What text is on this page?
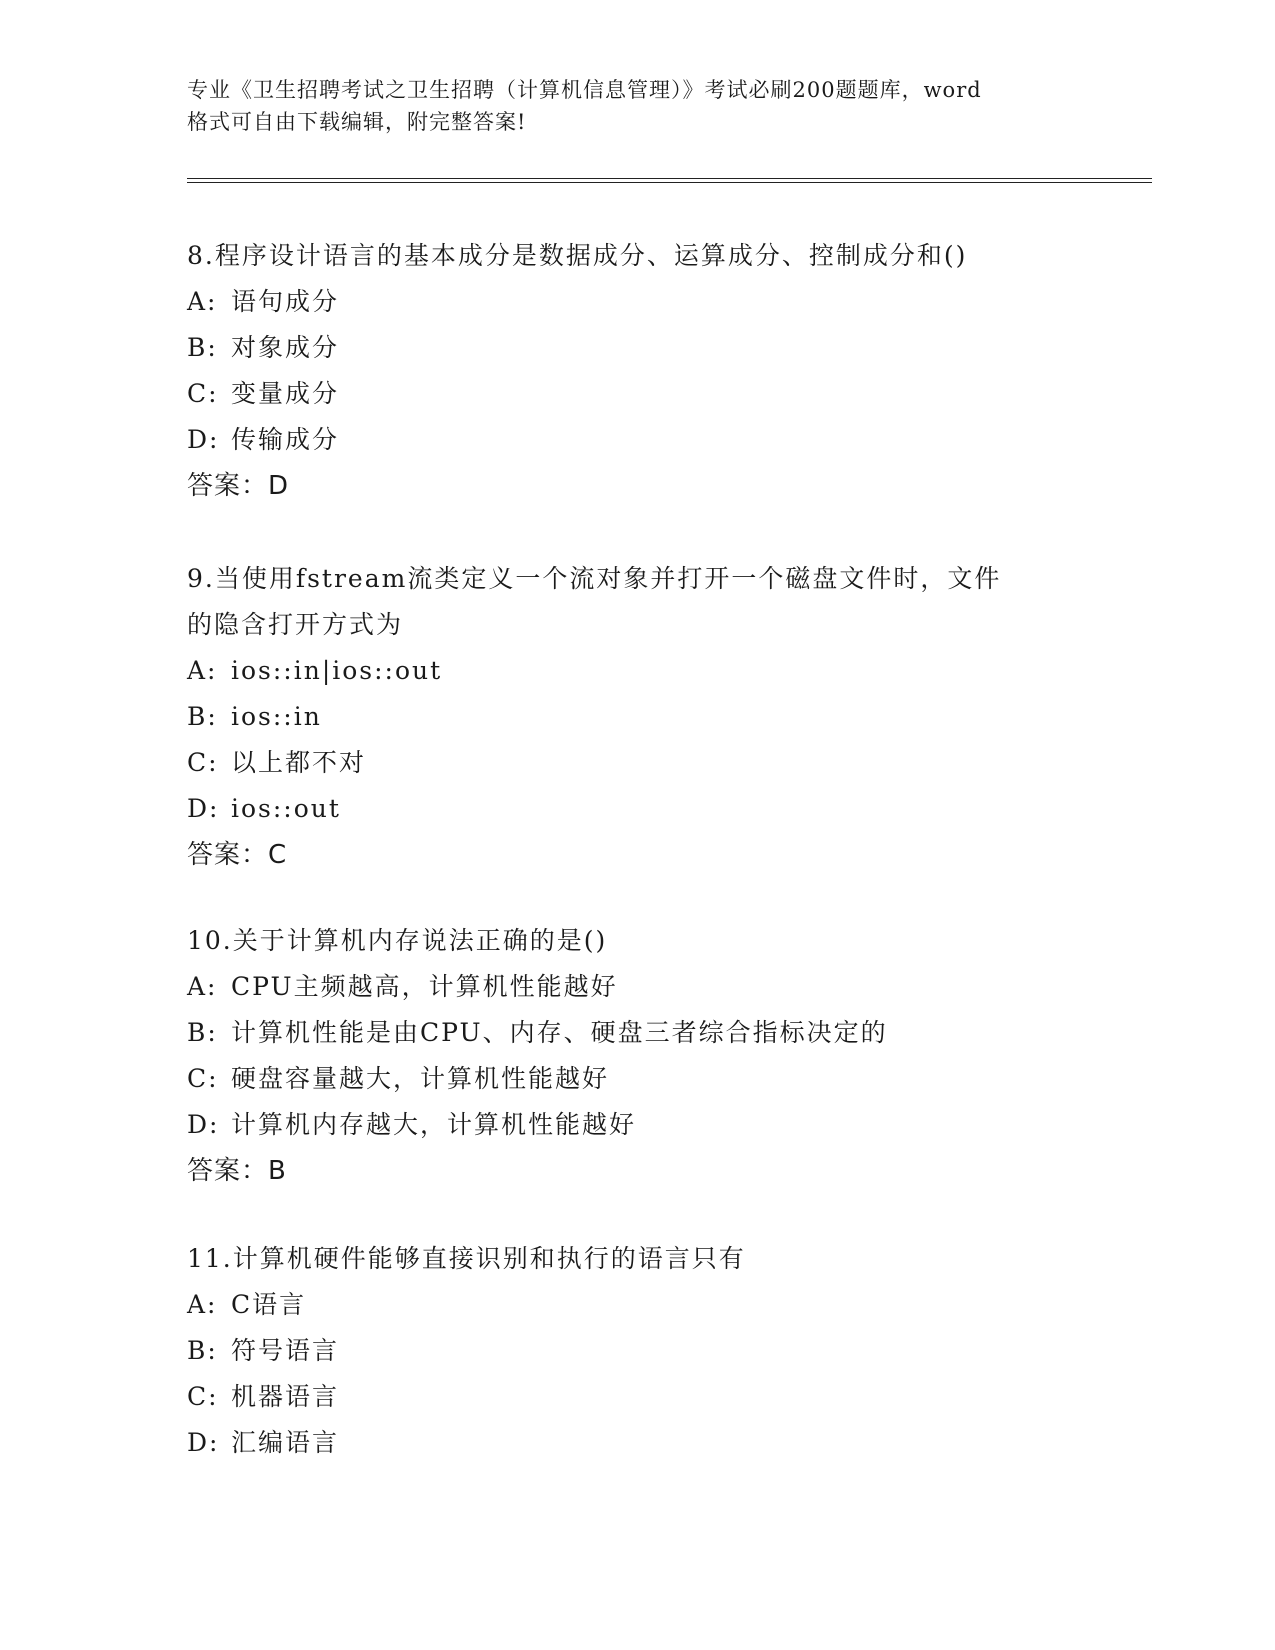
专业《卫生招聘考试之卫生招聘（计算机信息管理）》考试必刷200题题库，word
格式可自由下载编辑，附完整答案!
8.程序设计语言的基本成分是数据成分、运算成分、控制成分和()
A: 语句成分
B: 对象成分
C: 变量成分
D: 传输成分
答案：D
9.当使用fstream流类定义一个流对象并打开一个磁盘文件时，文件
的隐含打开方式为
A: ios::in|ios::out
B: ios::in
C: 以上都不对
D: ios::out
答案：C
10.关于计算机内存说法正确的是()
A: CPU主频越高，计算机性能越好
B: 计算机性能是由CPU、内存、硬盘三者综合指标决定的
C: 硬盘容量越大，计算机性能越好
D: 计算机内存越大，计算机性能越好
答案：B
11.计算机硬件能够直接识别和执行的语言只有
A: C语言
B: 符号语言
C: 机器语言
D: 汇编语言
